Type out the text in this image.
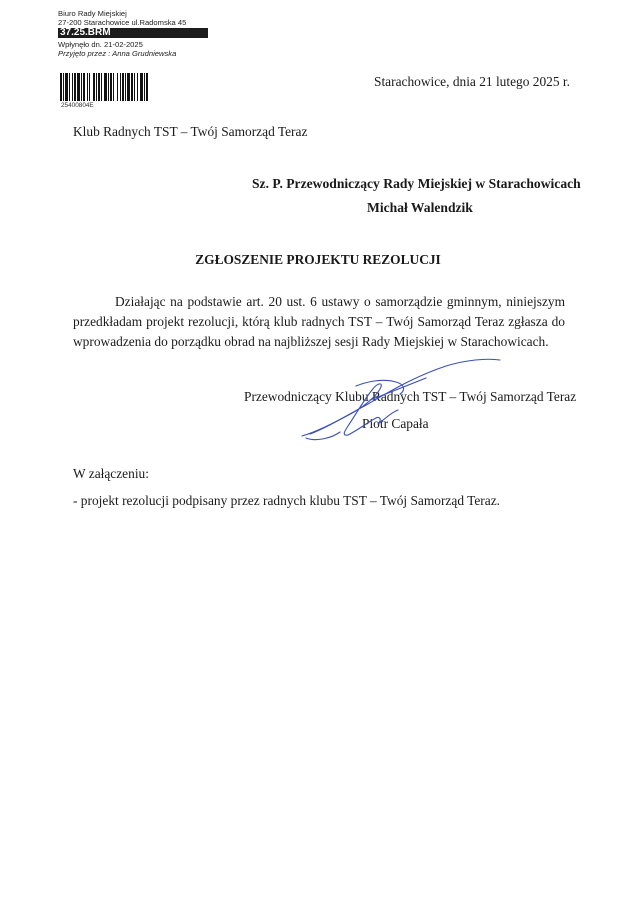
Biuro Rady Miejskiej
27-200 Starachowice ul.Radomska 45
37.25.BRM
Wpłynęło dn. 21-02-2025
Przyjęto przez : Anna Grudniewska
25400804E
Starachowice, dnia 21 lutego 2025 r.
Klub Radnych TST – Twój Samorząd Teraz
Sz. P. Przewodniczący Rady Miejskiej w Starachowicach
Michał Walendzik
ZGŁOSZENIE PROJEKTU REZOLUCJI
Działając na podstawie art. 20 ust. 6 ustawy o samorządzie gminnym, niniejszym
przedkładam projekt rezolucji, którą klub radnych TST – Twój Samorząd Teraz zgłasza do
wprowadzenia do porządku obrad na najbliższej sesji Rady Miejskiej w Starachowicach.
Przewodniczący Klubu Radnych TST – Twój Samorząd Teraz
Piotr Capała
W załączeniu:
- projekt rezolucji podpisany przez radnych klubu TST – Twój Samorząd Teraz.
